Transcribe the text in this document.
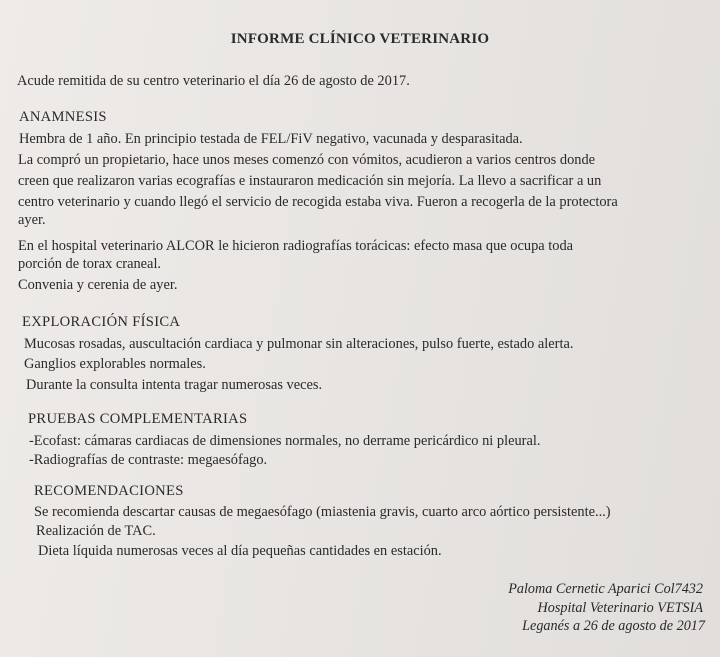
INFORME CLÍNICO VETERINARIO
Acude remitida de su centro veterinario el día 26 de agosto de 2017.
ANAMNESIS
Hembra de 1 año. En principio testada de FEL/FiV negativo, vacunada y desparasitada.
La compró un propietario, hace unos meses comenzó con vómitos, acudieron a varios centros donde
creen que realizaron varias ecografías e instauraron medicación sin mejoría. La llevo a sacrificar a un
centro veterinario y cuando llegó el servicio de recogida estaba viva. Fueron a recogerla de la protectora
ayer.
En el hospital veterinario ALCOR le hicieron radiografías torácicas: efecto masa que ocupa toda
porción de torax craneal.
Convenia y cerenia de ayer.
EXPLORACIÓN FÍSICA
Mucosas rosadas, auscultación cardiaca y pulmonar sin alteraciones, pulso fuerte, estado alerta.
Ganglios explorables normales.
Durante la consulta intenta tragar numerosas veces.
PRUEBAS COMPLEMENTARIAS
-Ecofast: cámaras cardiacas de dimensiones normales, no derrame pericárdico ni pleural.
-Radiografías de contraste: megaesófago.
RECOMENDACIONES
Se recomienda descartar causas de megaesófago (miastenia gravis, cuarto arco aórtico persistente...)
Realización de TAC.
Dieta líquida numerosas veces al día pequeñas cantidades en estación.
Paloma Cernetic Aparici Col7432
Hospital Veterinario VETSIA
Leganés a 26 de agosto de 2017
